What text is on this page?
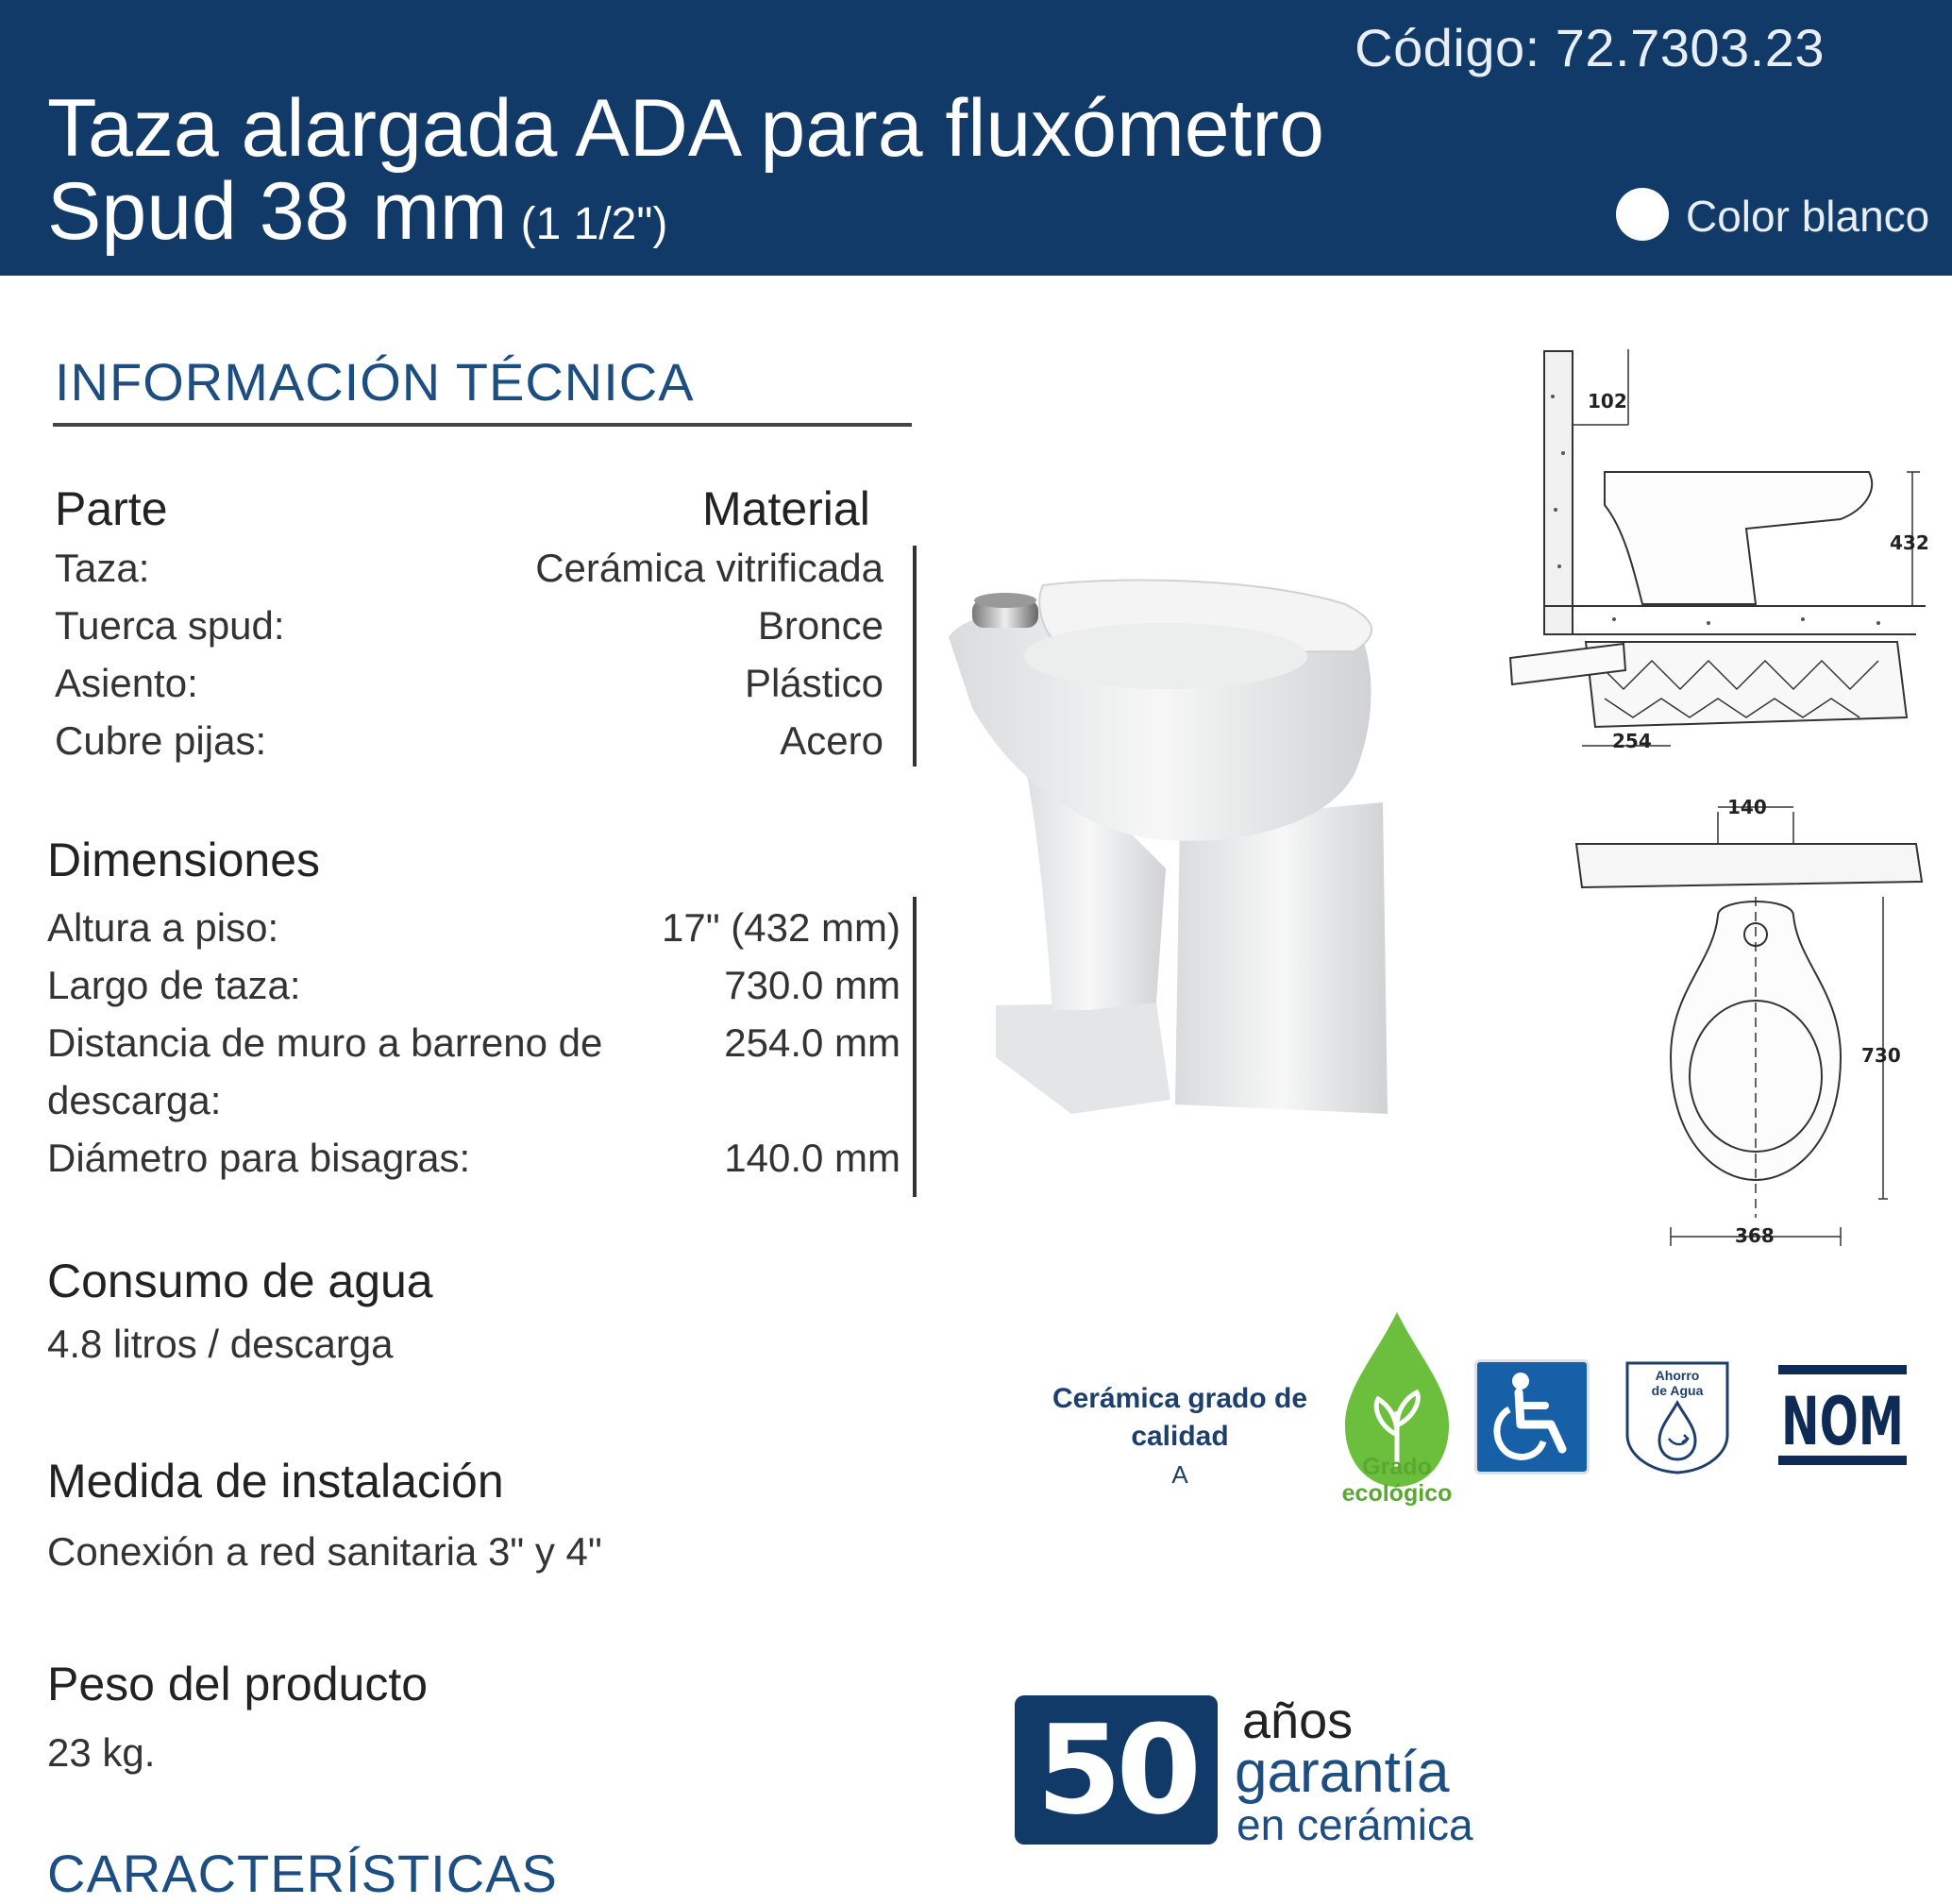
Código: 72.7303.23
Taza alargada ADA para fluxómetro
Spud 38 mm (1 1/2")	Color blanco
INFORMACIÓN TÉCNICA
Parte	Material
Taza:	Cerámica vitrificada
Tuerca spud:	Bronce
Asiento:	Plástico
Cubre pijas:	Acero
Dimensiones
Altura a piso:	17" (432 mm)
Largo de taza:	730.0 mm
Distancia de muro a barreno de descarga:
254.0 mm
Diámetro para bisagras:	140.0 mm
Consumo de agua
4.8 litros / descarga
Medida de instalación
Conexión a red sanitaria 3" y 4"
Peso del producto
23 kg.
CARACTERÍSTICAS
102
432
254
140
730
368
Cerámica grado de calidad
A	Grado
ecológico
Ahorro
de Agua NOM
50 años
garantía
en cerámica
